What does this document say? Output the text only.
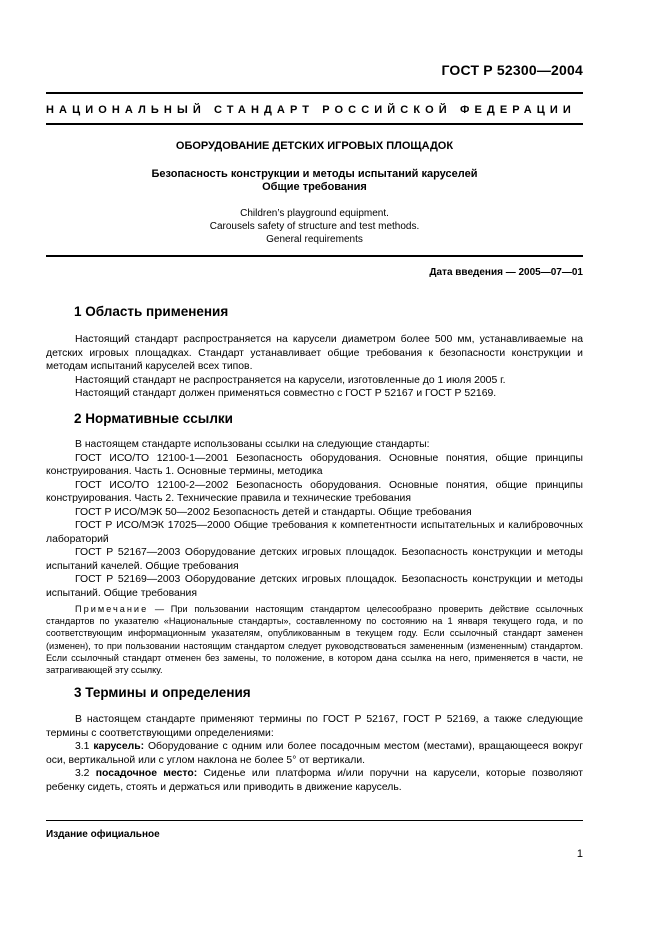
ГОСТ Р 52300—2004
НАЦИОНАЛЬНЫЙ СТАНДАРТ РОССИЙСКОЙ ФЕДЕРАЦИИ
ОБОРУДОВАНИЕ ДЕТСКИХ ИГРОВЫХ ПЛОЩАДОК
Безопасность конструкции и методы испытаний каруселей
Общие требования
Children’s playground equipment.
Carousels safety of structure and test methods.
General requirements
Дата введения — 2005—07—01
1 Область применения

Настоящий стандарт распространяется на карусели диаметром более 500 мм, устанавливаемые на детских игровых площадках. Стандарт устанавливает общие требования к безопасности конструкции и методам испытаний каруселей всех типов.

Настоящий стандарт не распространяется на карусели, изготовленные до 1 июля 2005 г.

Настоящий стандарт должен применяться совместно с ГОСТ Р 52167 и ГОСТ Р 52169.

2 Нормативные ссылки

В настоящем стандарте использованы ссылки на следующие стандарты:

ГОСТ ИСО/ТО 12100-1—2001 Безопасность оборудования. Основные понятия, общие принципы конструирования. Часть 1. Основные термины, методика

ГОСТ ИСО/ТО 12100-2—2002 Безопасность оборудования. Основные понятия, общие принципы конструирования. Часть 2. Технические правила и технические требования

ГОСТ Р ИСО/МЭК 50—2002 Безопасность детей и стандарты. Общие требования

ГОСТ Р ИСО/МЭК 17025—2000 Общие требования к компетентности испытательных и калибровочных лабораторий

ГОСТ Р 52167—2003 Оборудование детских игровых площадок. Безопасность конструкции и методы испытаний качелей. Общие требования

ГОСТ Р 52169—2003 Оборудование детских игровых площадок. Безопасность конструкции и методы испытаний. Общие требования

Примечание — При пользовании настоящим стандартом целесообразно проверить действие ссылочных стандартов по указателю «Национальные стандарты», составленному по состоянию на 1 января текущего года, и по соответствующим информационным указателям, опубликованным в текущем году. Если ссылочный стандарт заменен (изменен), то при пользовании настоящим стандартом следует руководствоваться замененным (измененным) стандартом. Если ссылочный стандарт отменен без замены, то положение, в котором дана ссылка на него, применяется в части, не затрагивающей эту ссылку.

3 Термины и определения

В настоящем стандарте применяют термины по ГОСТ Р 52167, ГОСТ Р 52169, а также следующие термины с соответствующими определениями:

3.1 карусель: Оборудование с одним или более посадочным местом (местами), вращающееся вокруг оси, вертикальной или с углом наклона не более 5° от вертикали.

3.2 посадочное место: Сиденье или платформа и/или поручни на карусели, которые позволяют ребенку сидеть, стоять и держаться или приводить в движение карусель.

Издание официальное
1
